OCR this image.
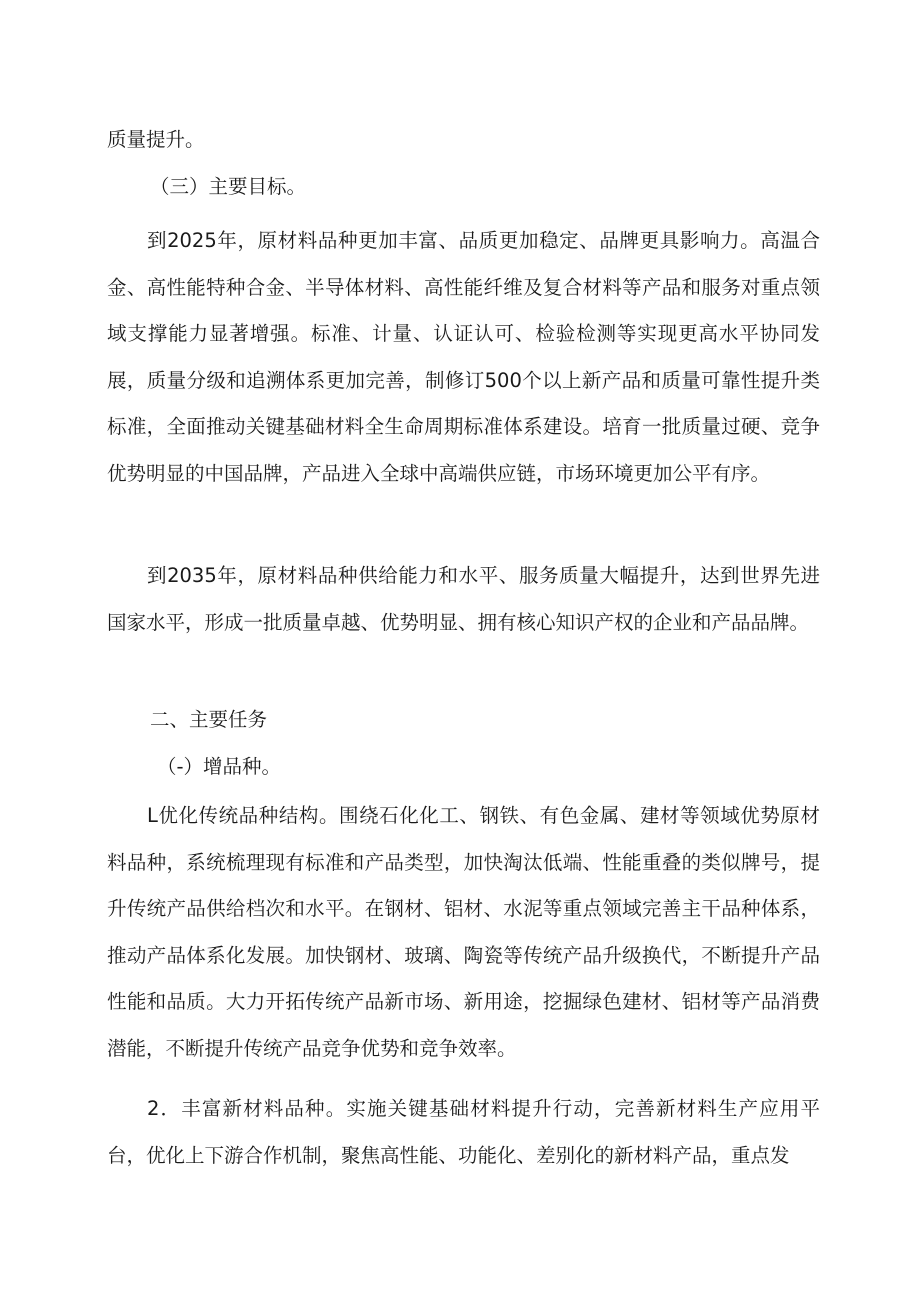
质量提升。

（三）主要目标。

到2025年，原材料品种更加丰富、品质更加稳定、品牌更具影响力。高温合金、高性能特种合金、半导体材料、高性能纤维及复合材料等产品和服务对重点领域支撑能力显著增强。标准、计量、认证认可、检验检测等实现更高水平协同发展，质量分级和追溯体系更加完善，制修订500个以上新产品和质量可靠性提升类标准，全面推动关键基础材料全生命周期标准体系建设。培育一批质量过硬、竞争优势明显的中国品牌，产品进入全球中高端供应链，市场环境更加公平有序。

到2035年，原材料品种供给能力和水平、服务质量大幅提升，达到世界先进国家水平，形成一批质量卓越、优势明显、拥有核心知识产权的企业和产品品牌。

二、主要任务

（-）增品种。

L优化传统品种结构。围绕石化化工、钢铁、有色金属、建材等领域优势原材料品种，系统梳理现有标准和产品类型，加快淘汰低端、性能重叠的类似牌号，提升传统产品供给档次和水平。在钢材、铝材、水泥等重点领域完善主干品种体系，推动产品体系化发展。加快钢材、玻璃、陶瓷等传统产品升级换代，不断提升产品性能和品质。大力开拓传统产品新市场、新用途，挖掘绿色建材、铝材等产品消费潜能，不断提升传统产品竞争优势和竞争效率。

2．丰富新材料品种。实施关键基础材料提升行动，完善新材料生产应用平台，优化上下游合作机制，聚焦高性能、功能化、差别化的新材料产品，重点发
